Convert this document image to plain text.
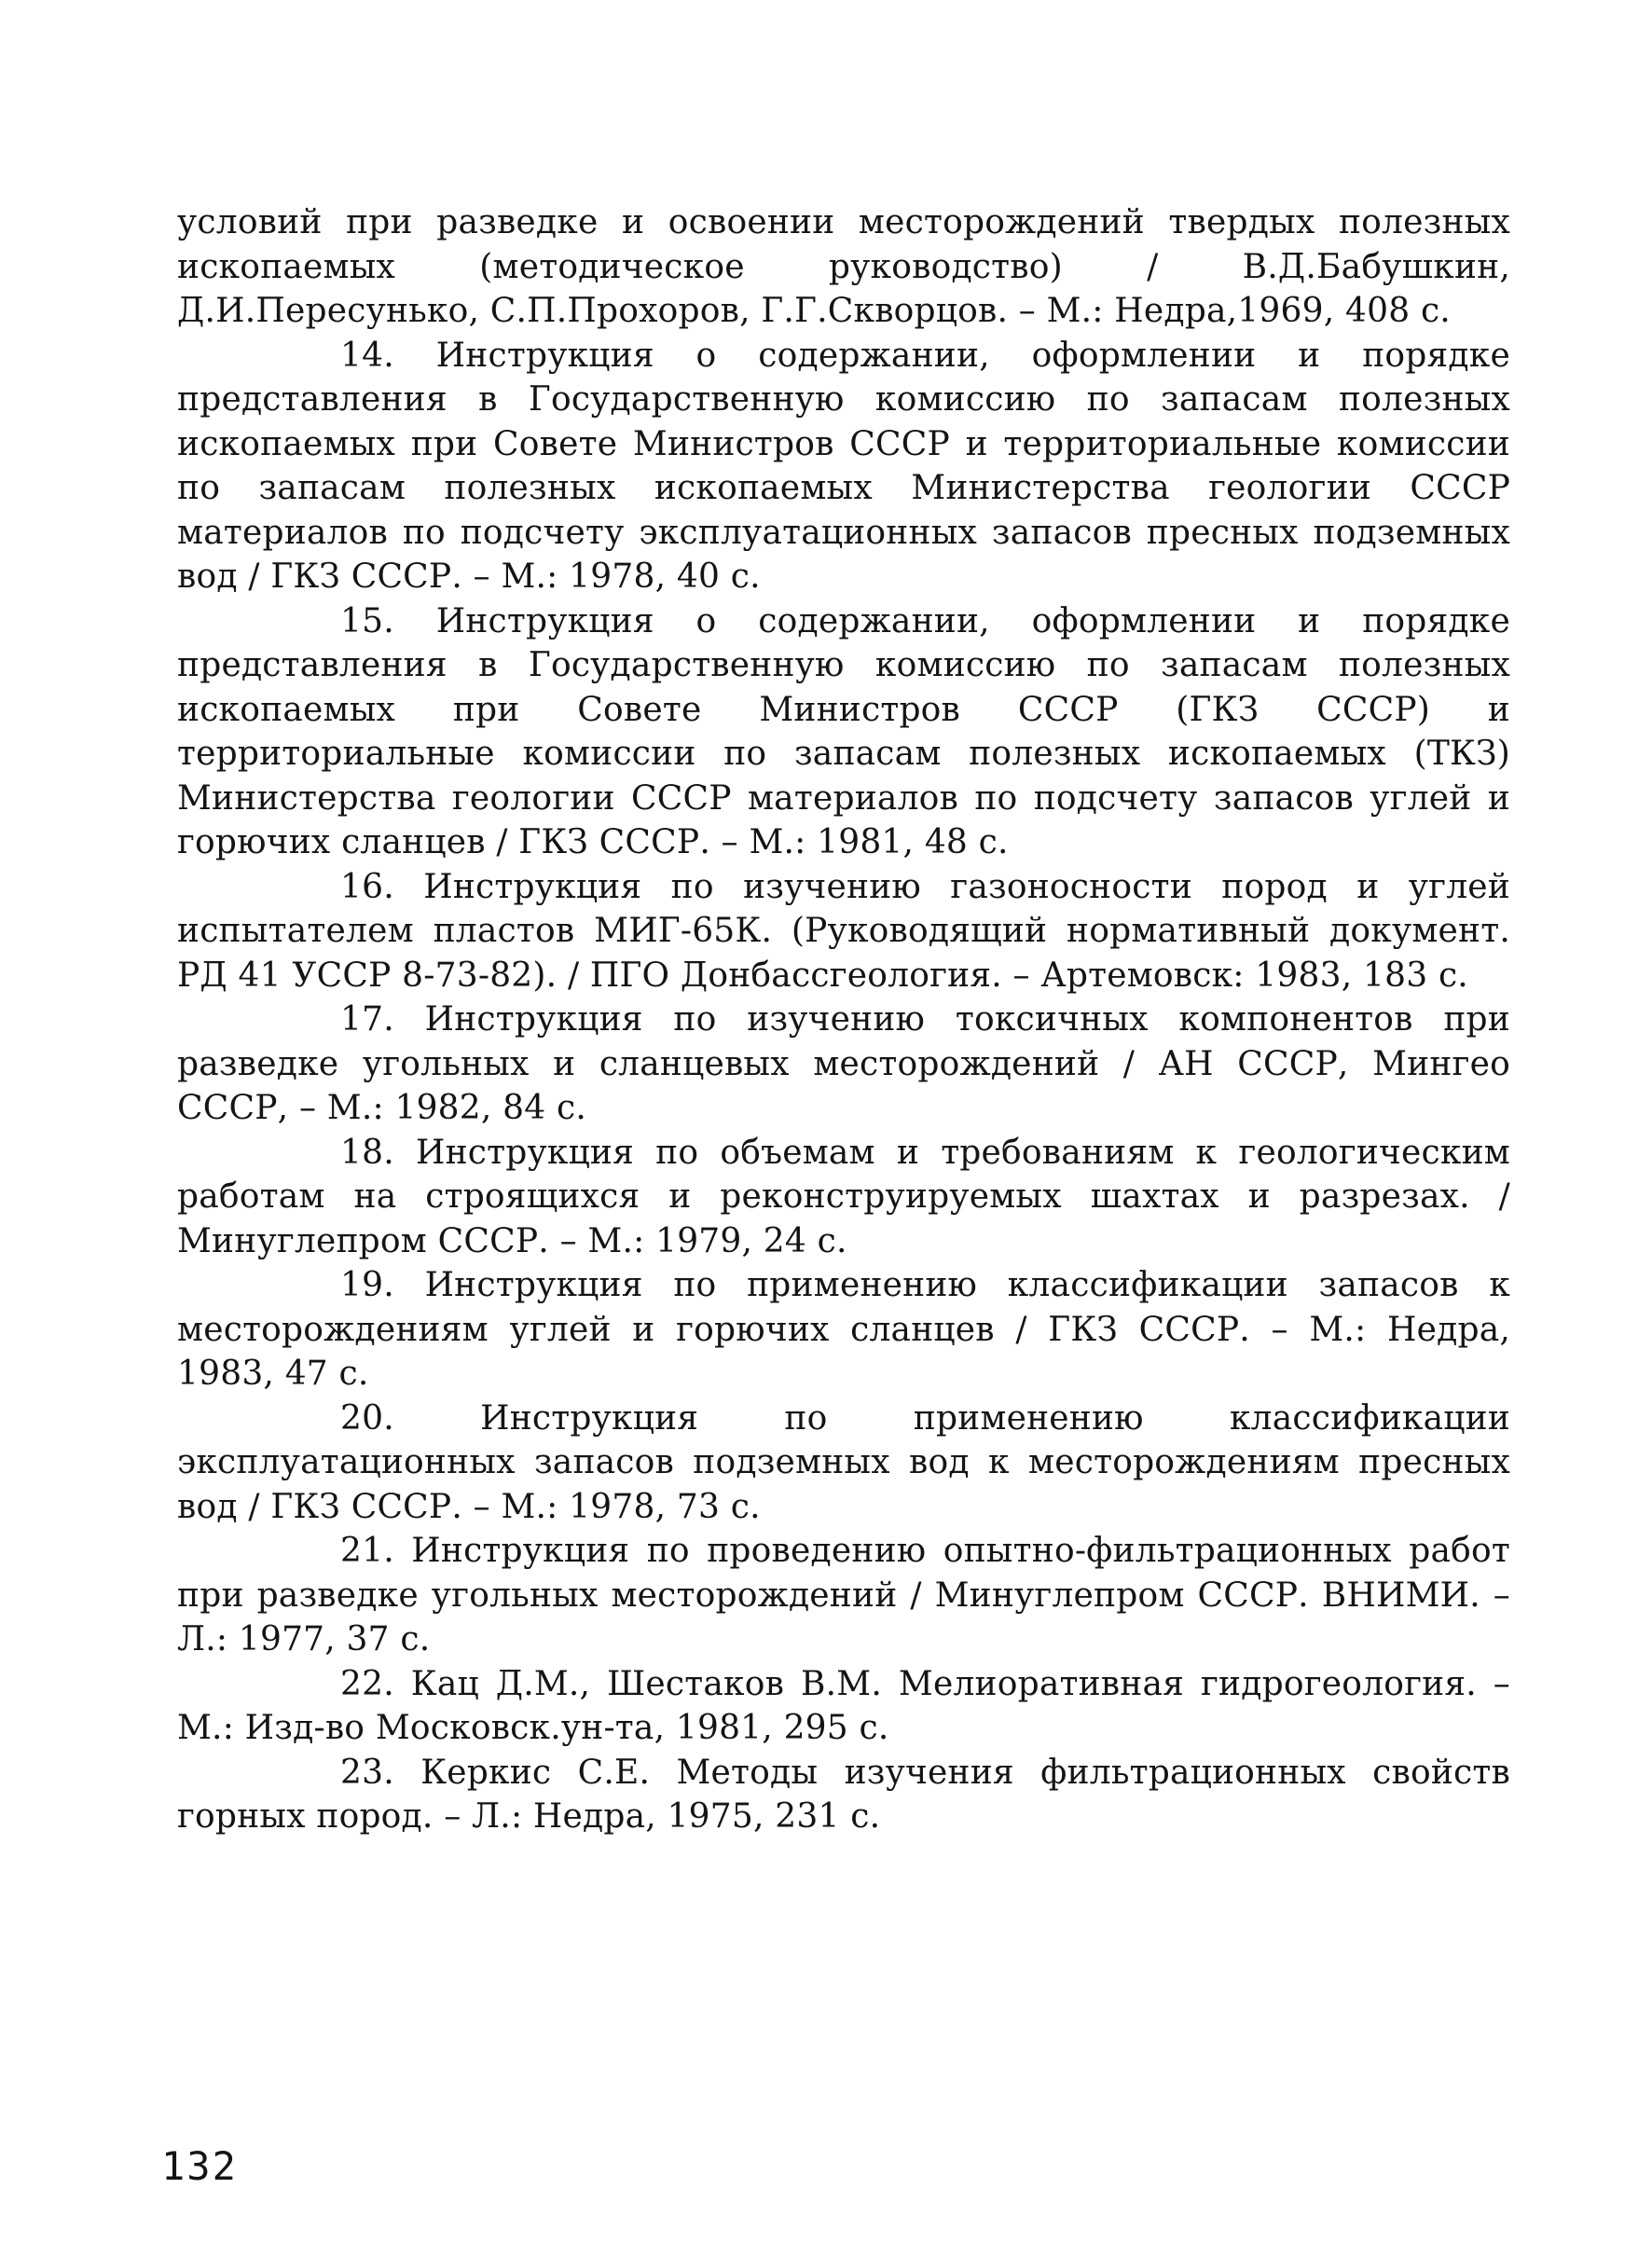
условий при разведке и освоении месторождений твердых полезных ископаемых (методическое руководство) / В.Д.Бабушкин, Д.И.Пересунько, С.П.Прохоров, Г.Г.Скворцов. – М.: Недра,1969, 408 с.

14. Инструкция о содержании, оформлении и порядке представления в Государственную комиссию по запасам полезных ископаемых при Совете Министров СССР и территориальные комиссии по запасам полезных ископаемых Министерства геологии СССР материалов по подсчету эксплуатационных запасов пресных подземных вод / ГКЗ СССР. – М.: 1978, 40 с.

15. Инструкция о содержании, оформлении и порядке представления в Государственную комиссию по запасам полезных ископаемых при Совете Министров СССР (ГКЗ СССР) и территориальные комиссии по запасам полезных ископаемых (ТКЗ) Министерства геологии СССР материалов по подсчету запасов углей и горючих сланцев / ГКЗ СССР. – М.: 1981, 48 с.

16. Инструкция по изучению газоносности пород и углей испытателем пластов МИГ-65К. (Руководящий нормативный документ. РД 41 УССР 8-73-82). / ПГО Донбассгеология. – Артемовск: 1983, 183 с.

17. Инструкция по изучению токсичных компонентов при разведке угольных и сланцевых месторождений / АН СССР, Мингео СССР, – М.: 1982, 84 с.

18. Инструкция по объемам и требованиям к геологическим работам на строящихся и реконструируемых шахтах и разрезах. /Минуглепром СССР. – М.: 1979, 24 с.

19. Инструкция по применению классификации запасов к месторождениям углей и горючих сланцев / ГКЗ СССР. – М.: Недра, 1983, 47 с.

20.	Инструкция по применению классификации эксплуатационных запасов подземных вод к месторождениям пресных вод / ГКЗ СССР. – М.: 1978, 73 с.

21. Инструкция по проведению опытно-фильтрационных работ при разведке угольных месторождений / Минуглепром СССР. ВНИМИ. – Л.: 1977, 37 с.

22. Кац Д.М., Шестаков В.М. Мелиоративная гидрогеология. – М.: Изд-во Московск.ун-та, 1981, 295 с.

23. Керкис С.Е. Методы изучения фильтрационных свойств горных пород. – Л.: Недра, 1975, 231 с.

132
